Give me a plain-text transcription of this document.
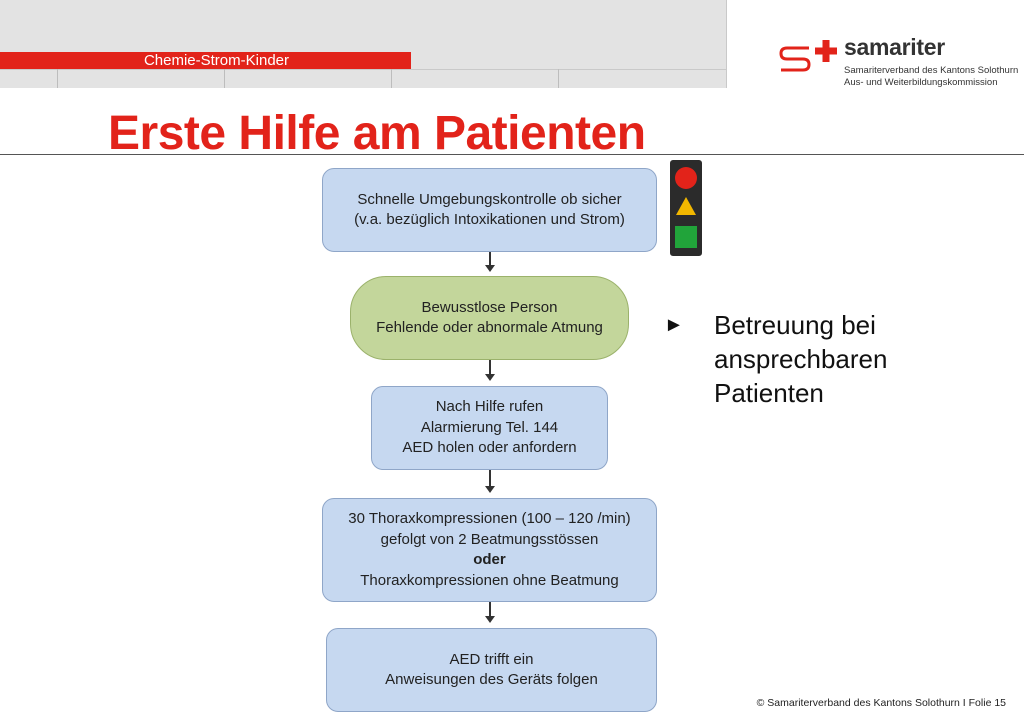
Chemie-Strom-Kinder
samariter
Samariterverband des Kantons Solothurn
Aus- und Weiterbildungskommission
Erste Hilfe am Patienten
Schnelle Umgebungskontrolle ob sicher
(v.a. bezüglich Intoxikationen und Strom)
Bewusstlose Person
Fehlende oder abnormale Atmung
Nach Hilfe rufen
Alarmierung Tel. 144
AED holen oder anfordern
30 Thoraxkompressionen (100 – 120 /min)
gefolgt von 2 Beatmungsstössen
oder
Thoraxkompressionen ohne Beatmung
AED trifft ein
Anweisungen des Geräts folgen
► Betreuung bei ansprechbaren Patienten
© Samariterverband des Kantons Solothurn I Folie 15
